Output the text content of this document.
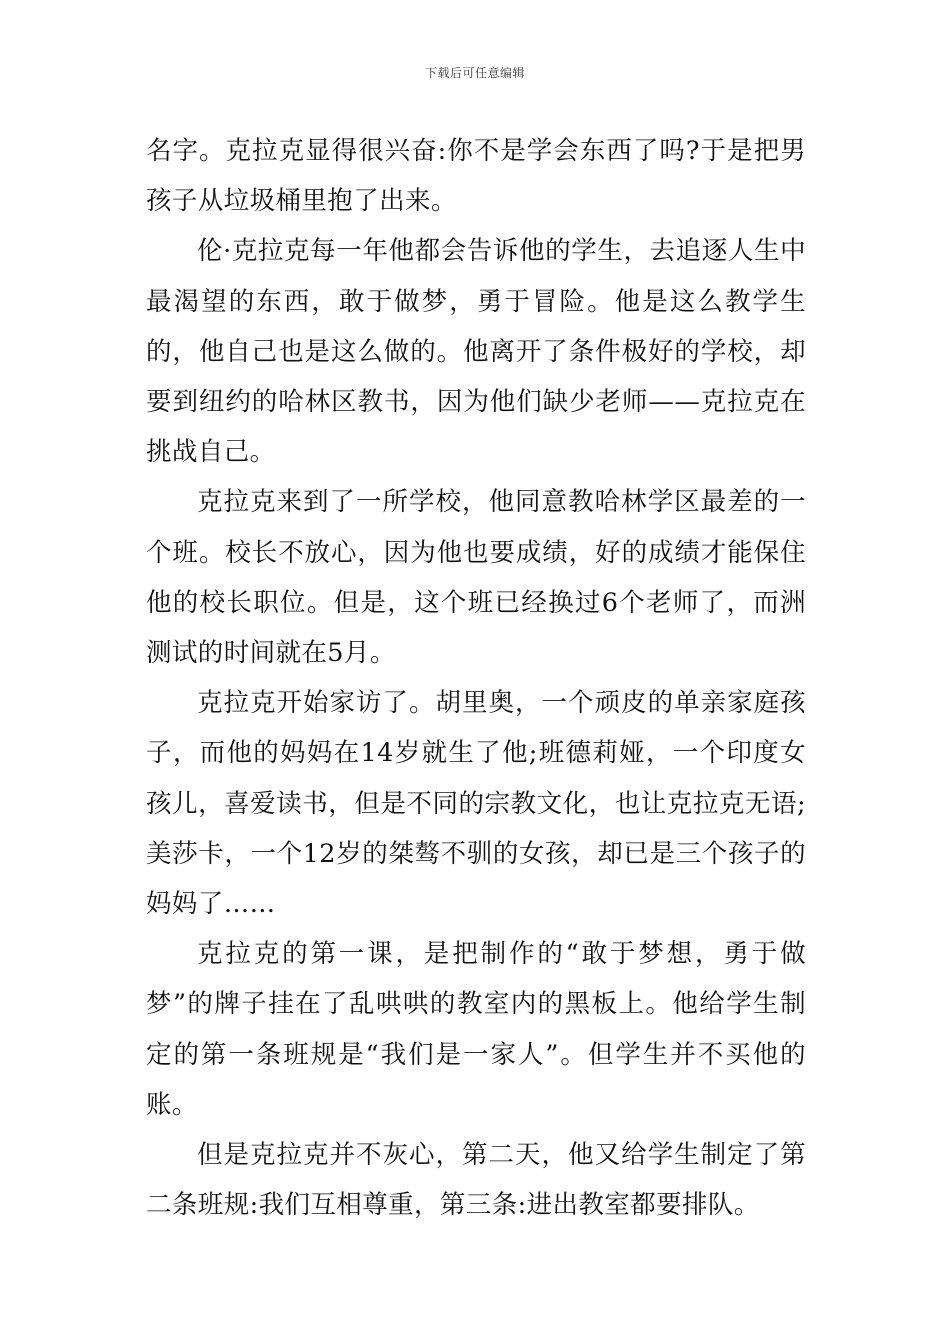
下载后可任意编辑

名字。克拉克显得很兴奋:你不是学会东西了吗?于是把男孩子从垃圾桶里抱了出来。

伦·克拉克每一年他都会告诉他的学生，去追逐人生中最渴望的东西，敢于做梦，勇于冒险。他是这么教学生的，他自己也是这么做的。他离开了条件极好的学校，却要到纽约的哈林区教书，因为他们缺少老师——克拉克在挑战自己。

克拉克来到了一所学校，他同意教哈林学区最差的一个班。校长不放心，因为他也要成绩，好的成绩才能保住他的校长职位。但是，这个班已经换过6个老师了，而洲测试的时间就在5月。

克拉克开始家访了。胡里奥，一个顽皮的单亲家庭孩子，而他的妈妈在14岁就生了他;班德莉娅，一个印度女孩儿，喜爱读书，但是不同的宗教文化，也让克拉克无语;美莎卡，一个12岁的桀骜不驯的女孩，却已是三个孩子的妈妈了……

克拉克的第一课，是把制作的“敢于梦想，勇于做梦”的牌子挂在了乱哄哄的教室内的黑板上。他给学生制定的第一条班规是“我们是一家人”。但学生并不买他的账。

但是克拉克并不灰心，第二天，他又给学生制定了第二条班规:我们互相尊重，第三条:进出教室都要排队。
